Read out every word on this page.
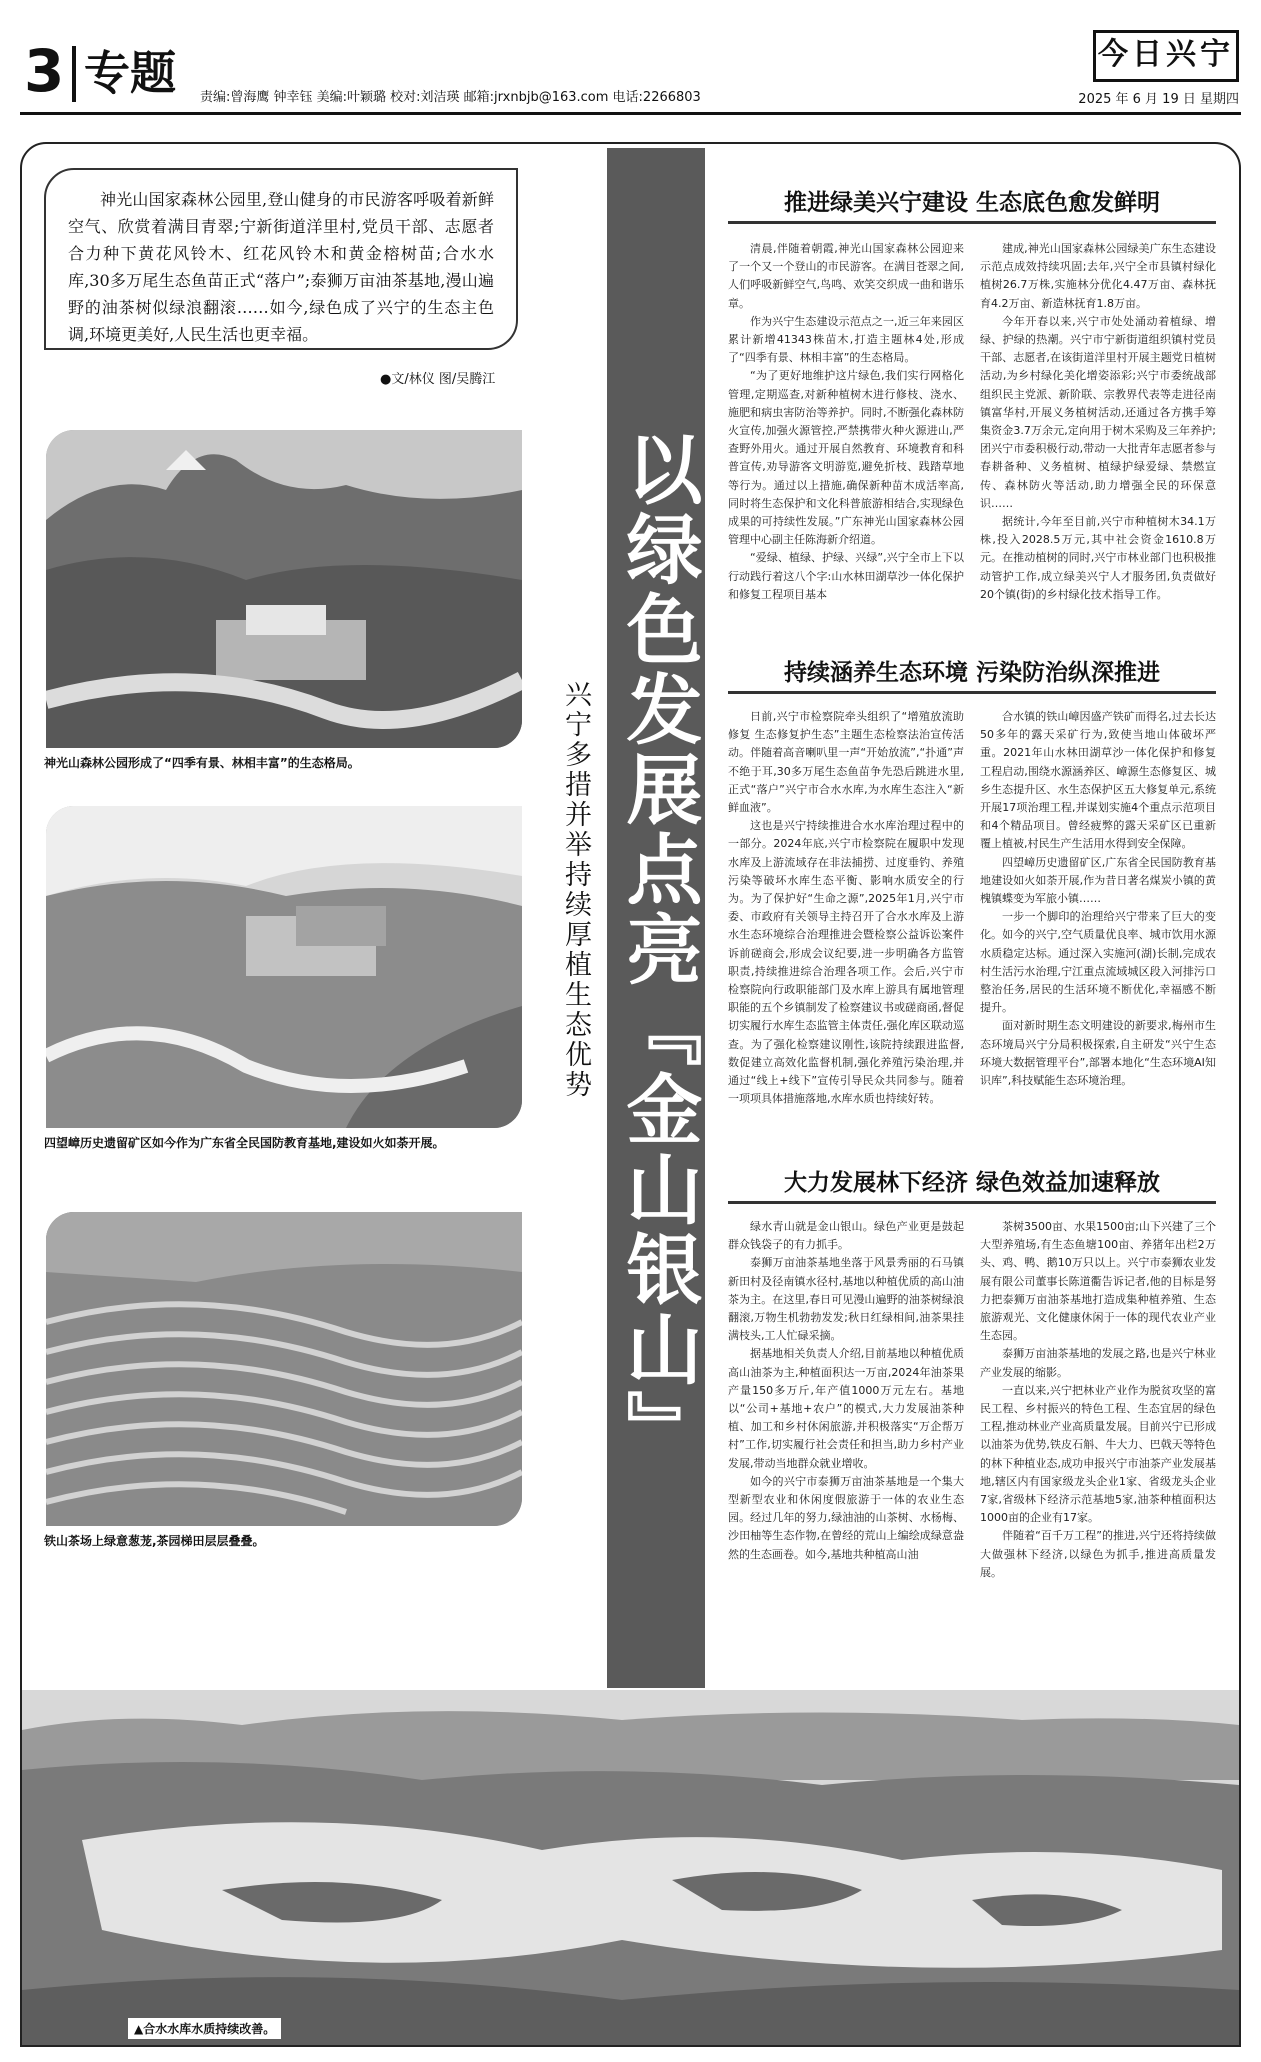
3 专题 责编:曾海鹰 钟幸钰 美编:叶颖璐 校对:刘洁瑛 邮箱:jrxnbjb@163.com 电话:2266803
今日兴宁
2025 年 6 月 19 日 星期四

神光山国家森林公园里,登山健身的市民游客呼吸着新鲜空气、欣赏着满目青翠;宁新街道洋里村,党员干部、志愿者合力种下黄花风铃木、红花风铃木和黄金榕树苗;合水水库,30多万尾生态鱼苗正式“落户”;泰狮万亩油茶基地,漫山遍野的油茶树似绿浪翻滚……如今,绿色成了兴宁的生态主色调,环境更美好,人民生活也更幸福。

●文/林仪 图/吴腾江
神光山森林公园形成了“四季有景、林相丰富”的生态格局。
四望嶂历史遗留矿区如今作为广东省全民国防教育基地,建设如火如荼开展。
铁山茶场上绿意葱茏,茶园梯田层层叠叠。
兴宁多措并举持续厚植生态优势 以绿色发展点亮『金山银山』
推进绿美兴宁建设 生态底色愈发鲜明

清晨,伴随着朝霞,神光山国家森林公园迎来了一个又一个登山的市民游客。在满目苍翠之间,人们呼吸新鲜空气,鸟鸣、欢笑交织成一曲和谐乐章。

作为兴宁生态建设示范点之一,近三年来园区累计新增41343株苗木,打造主题林4处,形成了“四季有景、林相丰富”的生态格局。

“为了更好地维护这片绿色,我们实行网格化管理,定期巡查,对新种植树木进行修枝、浇水、施肥和病虫害防治等养护。同时,不断强化森林防火宣传,加强火源管控,严禁携带火种火源进山,严查野外用火。通过开展自然教育、环境教育和科普宣传,劝导游客文明游览,避免折枝、践踏草地等行为。通过以上措施,确保新种苗木成活率高,同时将生态保护和文化科普旅游相结合,实现绿色成果的可持续性发展。”广东神光山国家森林公园管理中心副主任陈海新介绍道。

“爱绿、植绿、护绿、兴绿”,兴宁全市上下以行动践行着这八个字:山水林田湖草沙一体化保护和修复工程项目基本

建成,神光山国家森林公园绿美广东生态建设示范点成效持续巩固;去年,兴宁全市县镇村绿化植树26.7万株,实施林分优化4.47万亩、森林抚育4.2万亩、新造林抚育1.8万亩。

今年开春以来,兴宁市处处涌动着植绿、增绿、护绿的热潮。兴宁市宁新街道组织镇村党员干部、志愿者,在该街道洋里村开展主题党日植树活动,为乡村绿化美化增姿添彩;兴宁市委统战部组织民主党派、新阶联、宗教界代表等走进径南镇富华村,开展义务植树活动,还通过各方携手筹集资金3.7万余元,定向用于树木采购及三年养护;团兴宁市委积极行动,带动一大批青年志愿者参与春耕备种、义务植树、植绿护绿爱绿、禁燃宣传、森林防火等活动,助力增强全民的环保意识……

据统计,今年至目前,兴宁市种植树木34.1万株,投入2028.5万元,其中社会资金1610.8万元。在推动植树的同时,兴宁市林业部门也积极推动管护工作,成立绿美兴宁人才服务团,负责做好20个镇(街)的乡村绿化技术指导工作。

持续涵养生态环境 污染防治纵深推进

日前,兴宁市检察院牵头组织了“增殖放流助修复 生态修复护生态”主题生态检察法治宣传活动。伴随着高音喇叭里一声“开始放流”,“扑通”声不绝于耳,30多万尾生态鱼苗争先恐后跳进水里,正式“落户”兴宁市合水水库,为水库生态注入“新鲜血液”。

这也是兴宁持续推进合水水库治理过程中的一部分。2024年底,兴宁市检察院在履职中发现水库及上游流域存在非法捕捞、过度垂钓、养殖污染等破坏水库生态平衡、影响水质安全的行为。为了保护好“生命之源”,2025年1月,兴宁市委、市政府有关领导主持召开了合水水库及上游水生态环境综合治理推进会暨检察公益诉讼案件诉前磋商会,形成会议纪要,进一步明确各方监管职责,持续推进综合治理各项工作。会后,兴宁市检察院向行政职能部门及水库上游具有属地管理职能的五个乡镇制发了检察建议书或磋商函,督促切实履行水库生态监管主体责任,强化库区联动巡查。为了强化检察建议刚性,该院持续跟进监督,数促建立高效化监督机制,强化养殖污染治理,并通过“线上+线下”宣传引导民众共同参与。随着一项项具体措施落地,水库水质也持续好转。

合水镇的铁山嶂因盛产铁矿而得名,过去长达50多年的露天采矿行为,致使当地山体破坏严重。2021年山水林田湖草沙一体化保护和修复工程启动,围绕水源涵养区、嶂源生态修复区、城乡生态提升区、水生态保护区五大修复单元,系统开展17项治理工程,并谋划实施4个重点示范项目和4个精品项目。曾经疲弊的露天采矿区已重新覆上植被,村民生产生活用水得到安全保障。

四望嶂历史遗留矿区,广东省全民国防教育基地建设如火如荼开展,作为昔日著名煤炭小镇的黄槐镇蝶变为军旅小镇……

一步一个脚印的治理给兴宁带来了巨大的变化。如今的兴宁,空气质量优良率、城市饮用水源水质稳定达标。通过深入实施河(湖)长制,完成农村生活污水治理,宁江重点流域城区段入河排污口整治任务,居民的生活环境不断优化,幸福感不断提升。

面对新时期生态文明建设的新要求,梅州市生态环境局兴宁分局积极探索,自主研发“兴宁生态环境大数据管理平台”,部署本地化“生态环境AI知识库”,科技赋能生态环境治理。

大力发展林下经济 绿色效益加速释放

绿水青山就是金山银山。绿色产业更是鼓起群众钱袋子的有力抓手。

泰狮万亩油茶基地坐落于风景秀丽的石马镇新田村及径南镇水径村,基地以种植优质的高山油茶为主。在这里,春日可见漫山遍野的油茶树绿浪翻滚,万物生机勃勃发发;秋日红绿相间,油茶果挂满枝头,工人忙碌采摘。

据基地相关负责人介绍,目前基地以种植优质高山油茶为主,种植面积达一万亩,2024年油茶果产量150多万斤,年产值1000万元左右。基地以“公司+基地+农户”的模式,大力发展油茶种植、加工和乡村休闲旅游,并积极落实“万企帮万村”工作,切实履行社会责任和担当,助力乡村产业发展,带动当地群众就业增收。

如今的兴宁市泰狮万亩油茶基地是一个集大型新型农业和休闲度假旅游于一体的农业生态园。经过几年的努力,绿油油的山茶树、水杨梅、沙田柚等生态作物,在曾经的荒山上编绘成绿意盎然的生态画卷。如今,基地共种植高山油

茶树3500亩、水果1500亩;山下兴建了三个大型养殖场,有生态鱼塘100亩、养猪年出栏2万头、鸡、鸭、鹅10万只以上。兴宁市泰狮农业发展有限公司董事长陈道衢告诉记者,他的目标是努力把泰狮万亩油茶基地打造成集种植养殖、生态旅游观光、文化健康休闲于一体的现代农业产业生态园。

泰狮万亩油茶基地的发展之路,也是兴宁林业产业发展的缩影。

一直以来,兴宁把林业产业作为脱贫攻坚的富民工程、乡村振兴的特色工程、生态宜居的绿色工程,推动林业产业高质量发展。目前兴宁已形成以油茶为优势,铁皮石斛、牛大力、巴戟天等特色的林下种植业态,成功申报兴宁市油茶产业发展基地,辖区内有国家级龙头企业1家、省级龙头企业7家,省级林下经济示范基地5家,油茶种植面积达1000亩的企业有17家。

伴随着“百千万工程”的推进,兴宁还将持续做大做强林下经济,以绿色为抓手,推进高质量发展。

▲合水水库水质持续改善。
